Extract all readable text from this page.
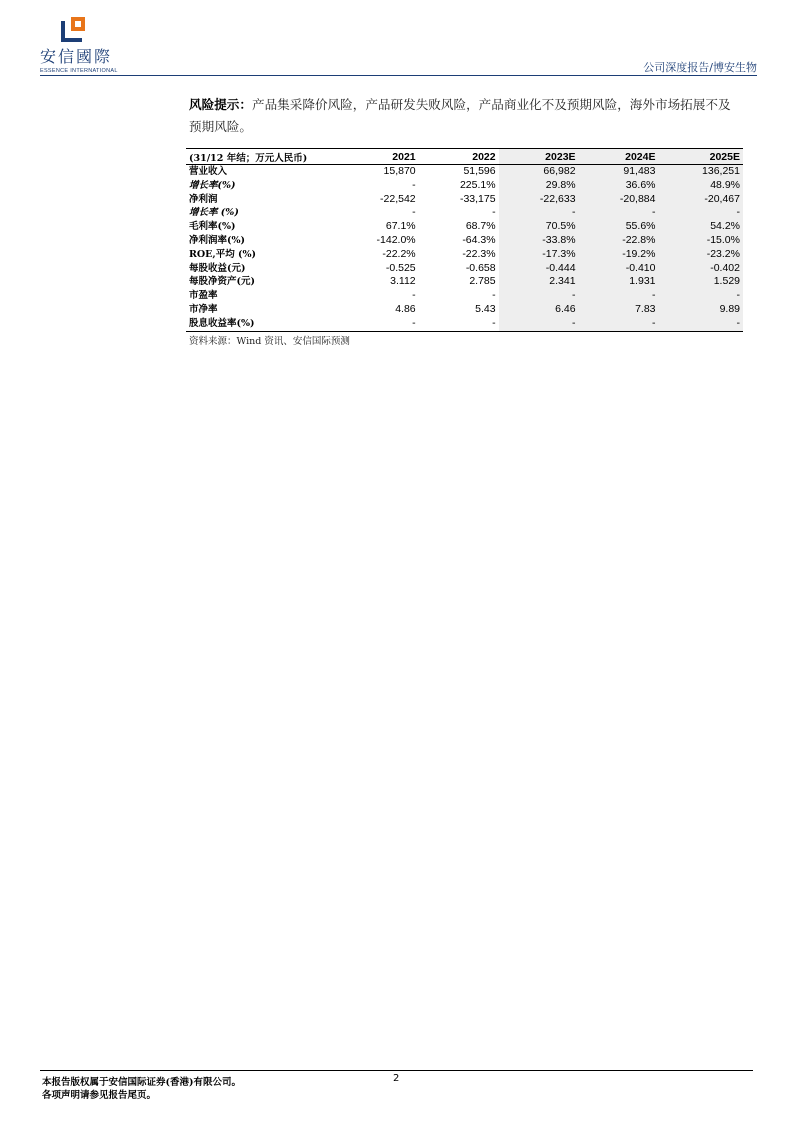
安信國際
ESSENCE INTERNATIONAL	公司深度报告/博安生物
风险提示：产品集采降价风险，产品研发失败风险，产品商业化不及预期风险，海外市场拓展不及预期风险。
(31/12 年结；万元人民币)	2021	2022	2023E	2024E	2025E
营业收入	15,870	51,596	66,982	91,483	136,251
增长率(%)	-	225.1%	29.8%	36.6%	48.9%
净利润	-22,542	-33,175	-22,633	-20,884	-20,467
增长率 (%)	-	-	-	-	-
毛利率(%)	67.1%	68.7%	70.5%	55.6%	54.2%
净利润率(%)	-142.0%	-64.3%	-33.8%	-22.8%	-15.0%
ROE,平均 (%)	-22.2%	-22.3%	-17.3%	-19.2%	-23.2%
每股收益(元)	-0.525	-0.658	-0.444	-0.410	-0.402
每股净资产(元)	3.112	2.785	2.341	1.931	1.529
市盈率	-	-	-	-	-
市净率	4.86	5.43	6.46	7.83	9.89
股息收益率(%)	-	-	-	-	-
资料来源：Wind 资讯、安信国际预测
本报告版权属于安信国际证券(香港)有限公司。
各项声明请参见报告尾页。
2
